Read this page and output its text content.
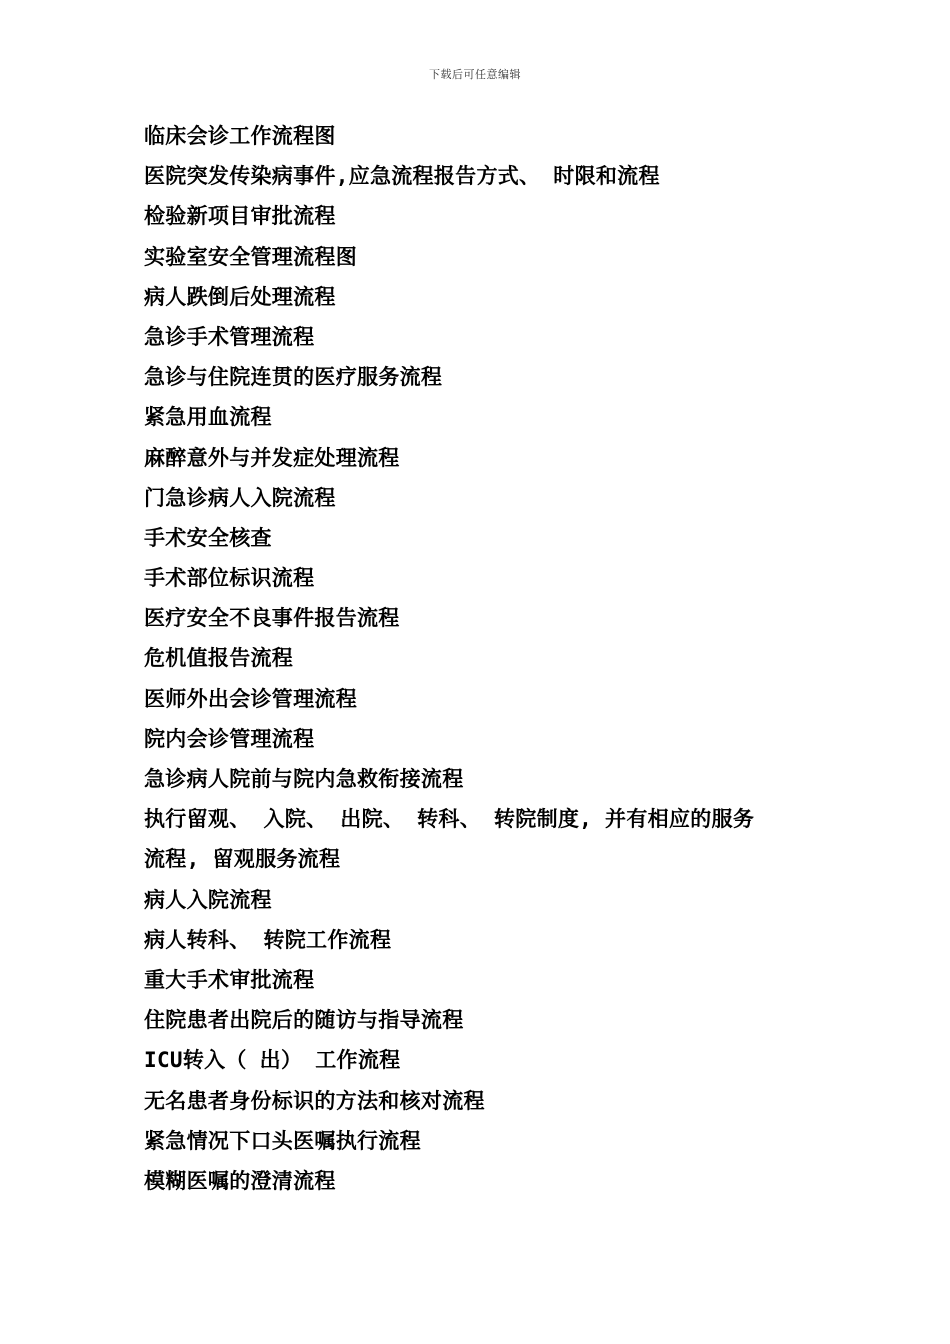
下载后可任意编辑
临床会诊工作流程图
医院突发传染病事件,应急流程报告方式、 时限和流程
检验新项目审批流程
实验室安全管理流程图
病人跌倒后处理流程
急诊手术管理流程
急诊与住院连贯的医疗服务流程
紧急用血流程
麻醉意外与并发症处理流程
门急诊病人入院流程
手术安全核查
手术部位标识流程
医疗安全不良事件报告流程
危机值报告流程
医师外出会诊管理流程
院内会诊管理流程
急诊病人院前与院内急救衔接流程
执行留观、 入院、 出院、 转科、 转院制度, 并有相应的服务
流程, 留观服务流程
病人入院流程
病人转科、 转院工作流程
重大手术审批流程
住院患者出院后的随访与指导流程
ICU转入（ 出） 工作流程
无名患者身份标识的方法和核对流程
紧急情况下口头医嘱执行流程
模糊医嘱的澄清流程
